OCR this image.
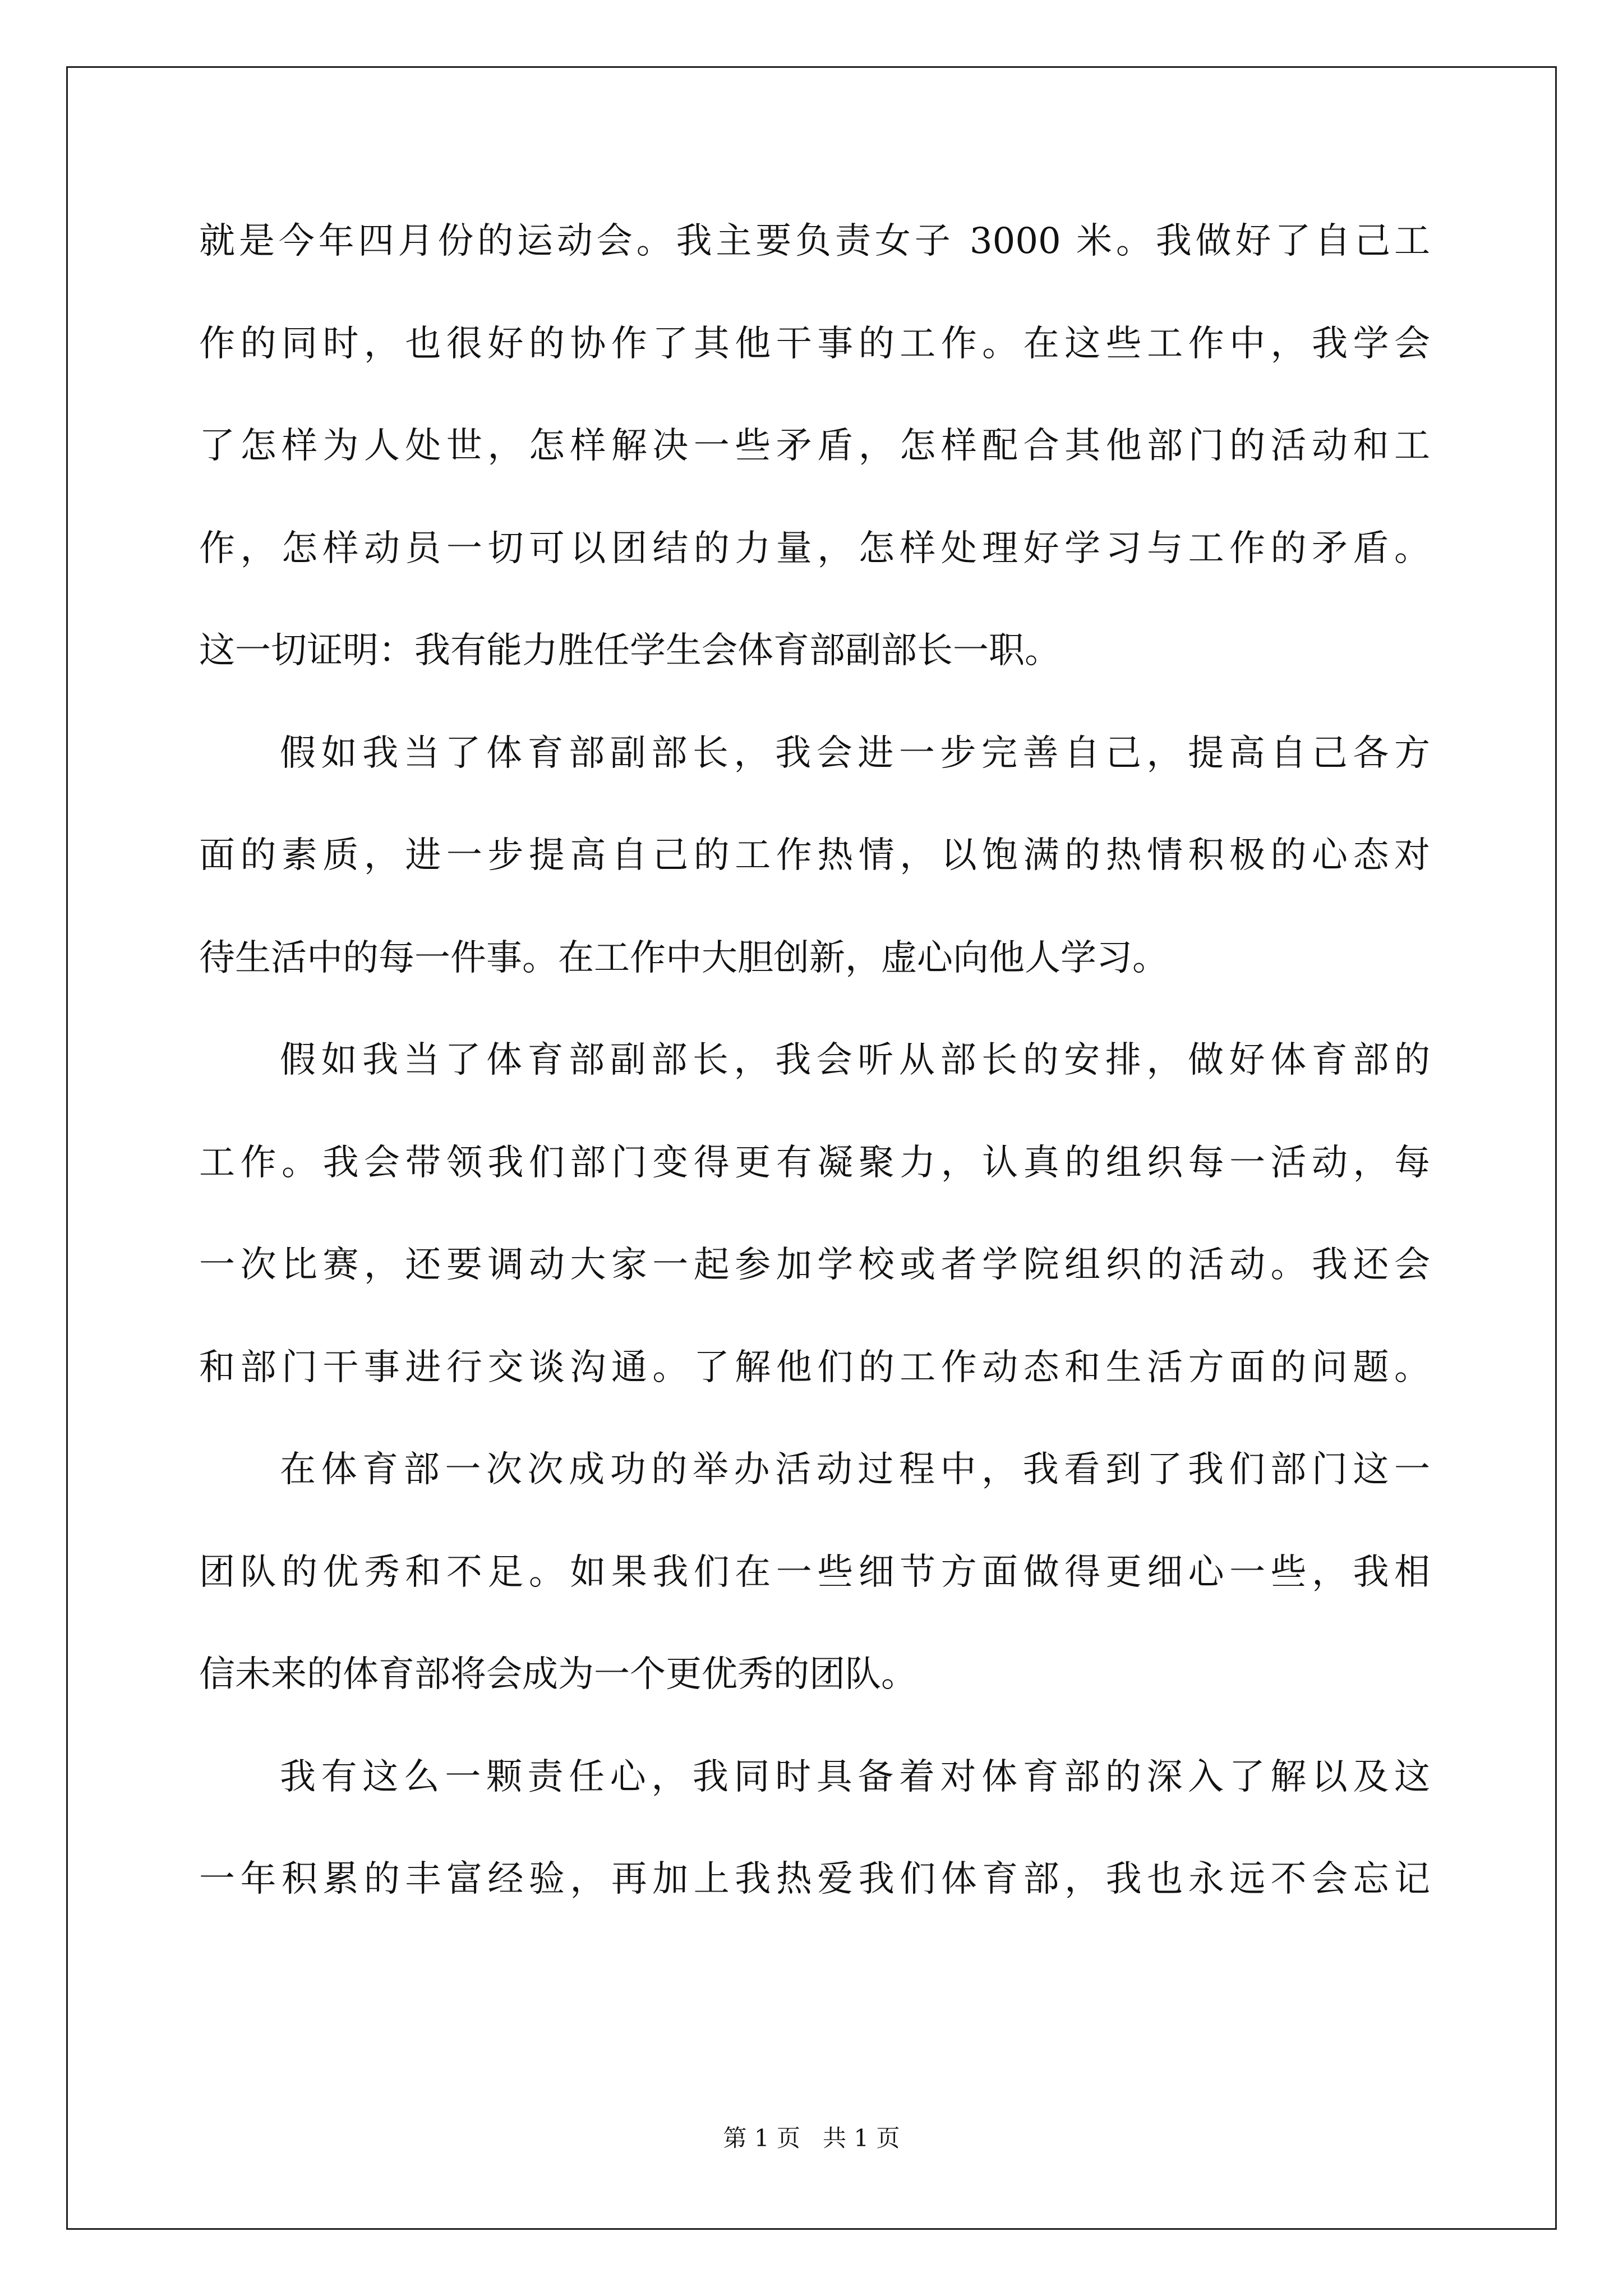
就是今年四月份的运动会。我主要负责女子 3000 米。我做好了自己工
作的同时，也很好的协作了其他干事的工作。在这些工作中，我学会
了怎样为人处世，怎样解决一些矛盾，怎样配合其他部门的活动和工
作，怎样动员一切可以团结的力量，怎样处理好学习与工作的矛盾。
这一切证明：我有能力胜任学生会体育部副部长一职。
假如我当了体育部副部长，我会进一步完善自己，提高自己各方
面的素质，进一步提高自己的工作热情，以饱满的热情积极的心态对
待生活中的每一件事。在工作中大胆创新，虚心向他人学习。
假如我当了体育部副部长，我会听从部长的安排，做好体育部的
工作。我会带领我们部门变得更有凝聚力，认真的组织每一活动，每
一次比赛，还要调动大家一起参加学校或者学院组织的活动。我还会
和部门干事进行交谈沟通。了解他们的工作动态和生活方面的问题。
在体育部一次次成功的举办活动过程中，我看到了我们部门这一
团队的优秀和不足。如果我们在一些细节方面做得更细心一些，我相
信未来的体育部将会成为一个更优秀的团队。
我有这么一颗责任心，我同时具备着对体育部的深入了解以及这
一年积累的丰富经验，再加上我热爱我们体育部，我也永远不会忘记
第 1 页   共 1 页
